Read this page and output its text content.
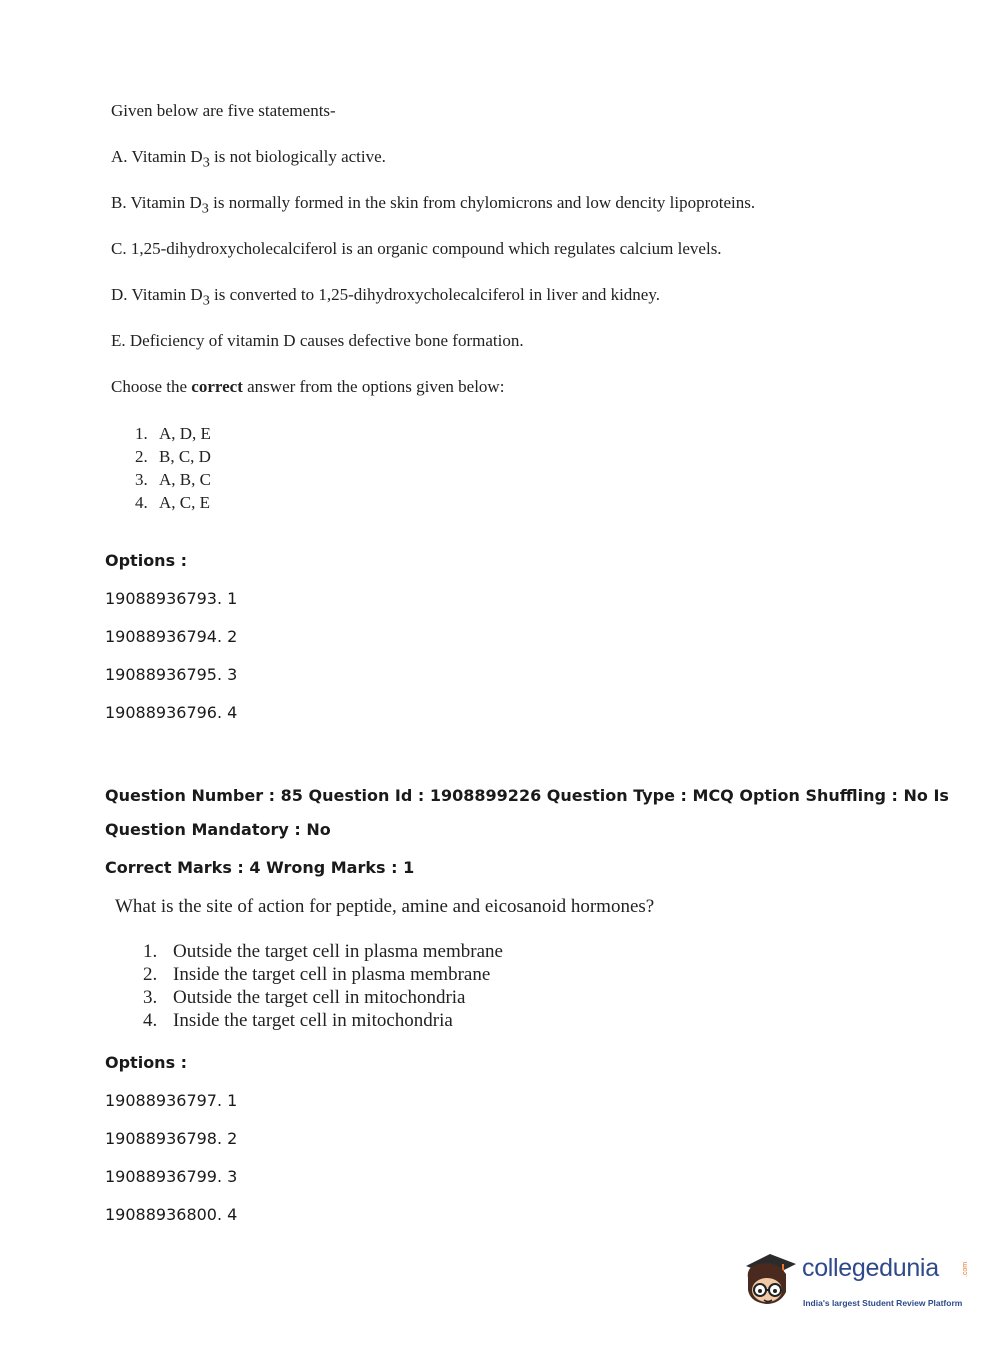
Given below are five statements-
A. Vitamin $D_3$ is not biologically active.
B. Vitamin $D_3$ is normally formed in the skin from chylomicrons and low dencity lipoproteins.
C. 1,25-dihydroxycholecalciferol is an organic compound which regulates calcium levels.
D. Vitamin $D_3$ is converted to 1,25-dihydroxycholecalciferol in liver and kidney.
E. Deficiency of vitamin D causes defective bone formation.
Choose the correct answer from the options given below:
1. A, D, E
2. B, C, D
3. A, B, C
4. A, C, E
Options :
19088936793. 1
19088936794. 2
19088936795. 3
19088936796. 4
Question Number : 85 Question Id : 1908899226 Question Type : MCQ Option Shuffling : No Is
Question Mandatory : No
Correct Marks : 4 Wrong Marks : 1
What is the site of action for peptide, amine and eicosanoid hormones?
1. Outside the target cell in plasma membrane
2. Inside the target cell in plasma membrane
3. Outside the target cell in mitochondria
4. Inside the target cell in mitochondria
Options :
19088936797. 1
19088936798. 2
19088936799. 3
19088936800. 4
collegedunia	.com
India's largest Student Review Platform
